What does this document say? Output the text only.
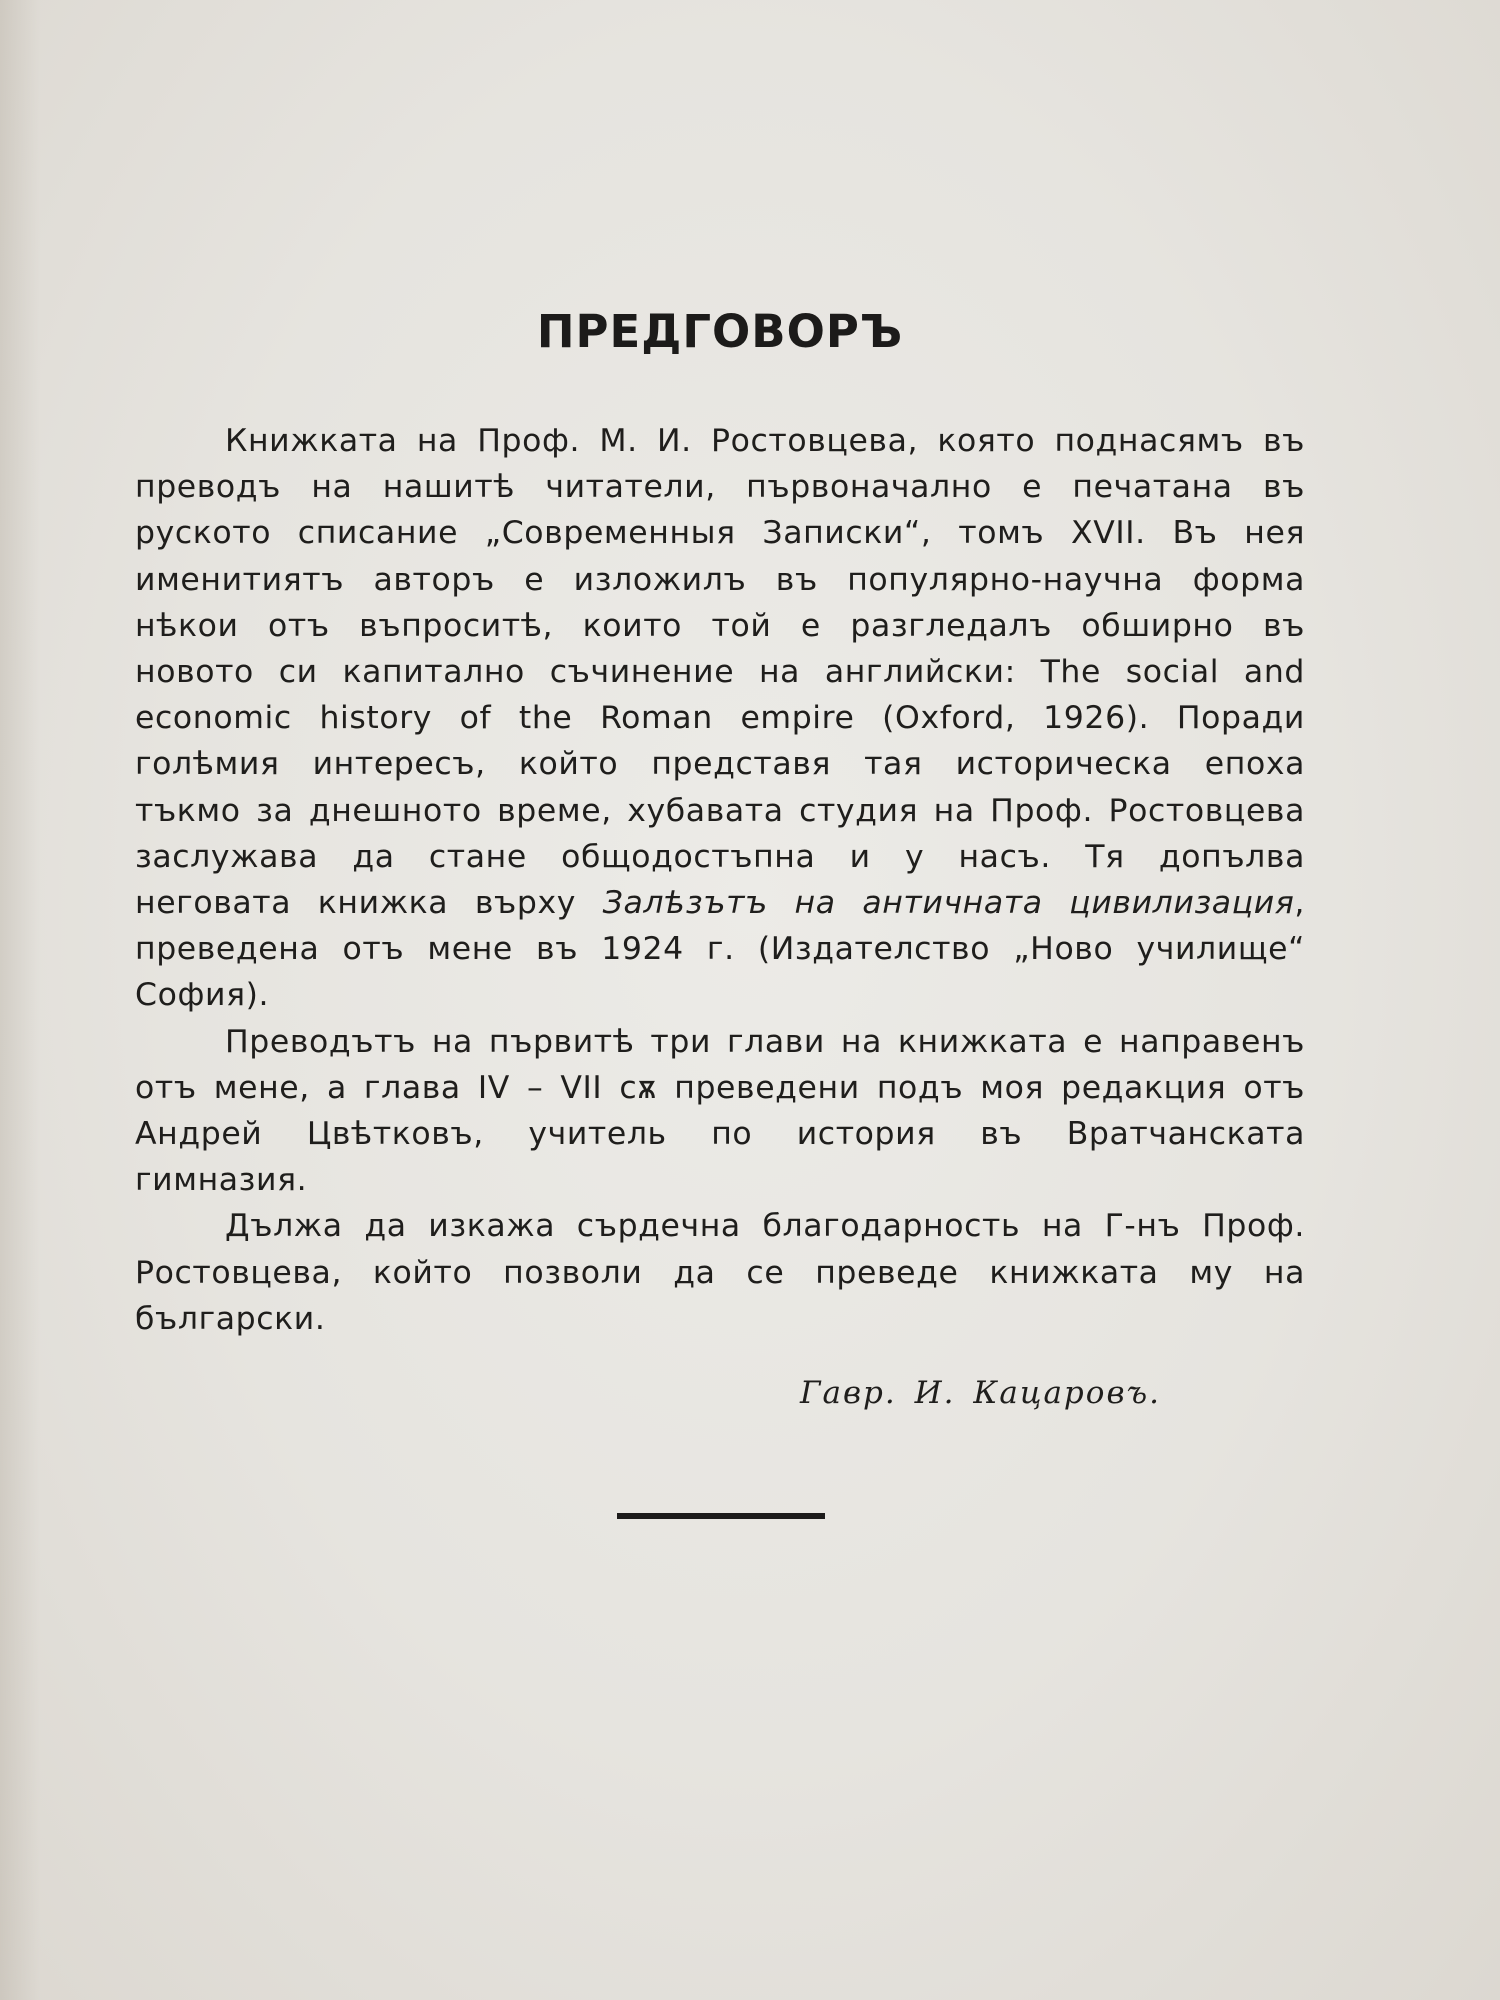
ПРЕДГОВОРЪ

Книжката на Проф. М. И. Ростовцева, която поднасямъ въ преводъ на нашитѣ читатели, първоначално е печатана въ руското списание „Современныя Записки“, томъ XVII. Въ нея именитиятъ авторъ е изложилъ въ популярно-научна форма нѣкои отъ въпроситѣ, които той е разгледалъ обширно въ новото си капитално съчинение на английски: The social and economic history of the Roman empire (Oxford, 1926). Поради голѣмия интересъ, който представя тая историческа епоха тъкмо за днешното време, хубавата студия на Проф. Ростовцева заслужава да стане общодостъпна и у насъ. Тя допълва неговата книжка върху Залѣзътъ на античната цивилизация, преведена отъ мене въ 1924 г. (Издателство „Ново училище“ София).

Преводътъ на първитѣ три глави на книжката е направенъ отъ мене, а глава IV – VII сѫ преведени подъ моя редакция отъ Андрей Цвѣтковъ, учитель по история въ Вратчанската гимназия.

Дължа да изкажа сърдечна благодарность на Г-нъ Проф. Ростовцева, който позволи да се преведе книжката му на български.

Гавр. И. Кацаровъ.
